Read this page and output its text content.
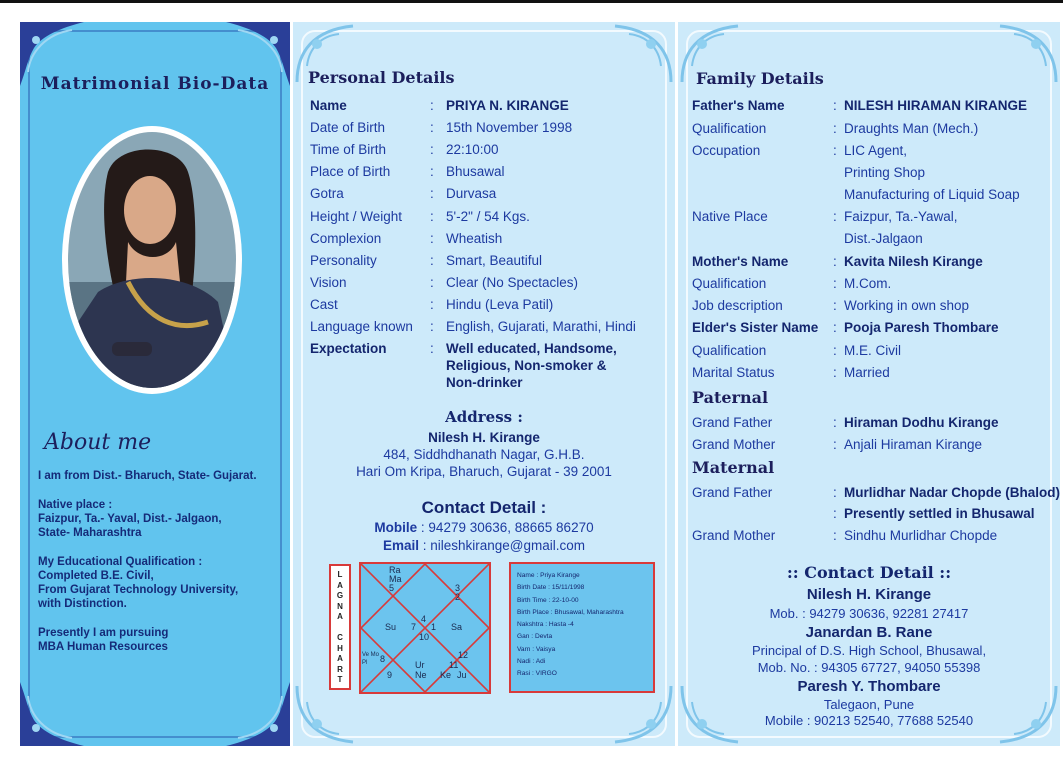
Matrimonial Bio-Data
About me
I am from Dist.- Bharuch, State- Gujarat.
Native place :
Faizpur, Ta.- Yaval, Dist.- Jalgaon,
State- Maharashtra
My Educational Qualification :
Completed B.E. Civil,
From Gujarat Technology University,
with Distinction.
Presently I am pursuing
MBA Human Resources
Personal Details
Name	: PRIYA N. KIRANGE
Date of Birth	: 15th November 1998
Time of Birth	: 22:10:00
Place of Birth	: Bhusawal
Gotra	: Durvasa
Height / Weight : 5'-2" / 54 Kgs.
Complexion	: Wheatish
Personality	: Smart, Beautiful
Vision	: Clear (No Spectacles)
Cast	: Hindu (Leva Patil)
Language known : English, Gujarati, Marathi, Hindi
Expectation	: Well educated, Handsome,
Religious, Non-smoker &
Non-drinker
Address :
Nilesh H. Kirange
484, Siddhdhanath Nagar, G.H.B.
Hari Om Kripa, Bharuch, Gujarat - 39 2001
Contact Detail :
Mobile : 94279 30636, 88665 86270
Email : nileshkirange@gmail.com
L
A
G
N
A
C
H
A
R
T
Ra
Ma
5	3
2
4
Su 7 1 Sa
10
Ve Mo
Pl	8
9
Ur
Ne
12
11
Ke Ju
Name : Priya Kirange
Birth Date : 15/11/1998
Birth Time : 22-10-00
Birth Place : Bhusawal, Maharashtra
Nakshtra : Hasta -4
Gan : Devta
Varn : Vaisya
Nadi : Adi
Rasi : VIRGO
Family Details
Father's Name	: NILESH HIRAMAN KIRANGE
Qualification	: Draughts Man (Mech.)
Occupation	: LIC Agent,
Printing Shop
Manufacturing of Liquid Soap
Native Place	: Faizpur, Ta.-Yawal,
Dist.-Jalgaon
Mother's Name	: Kavita Nilesh Kirange
Qualification	: M.Com.
Job description	: Working in own shop
Elder's Sister Name : Pooja Paresh Thombare
Qualification	: M.E. Civil
Marital Status	: Married
Paternal
Grand Father	: Hiraman Dodhu Kirange
Grand Mother	: Anjali Hiraman Kirange
Maternal
Grand Father	: Murlidhar Nadar Chopde (Bhalod)
: Presently settled in Bhusawal
Grand Mother	: Sindhu Murlidhar Chopde
:: Contact Detail ::
Nilesh H. Kirange
Mob. : 94279 30636, 92281 27417
Janardan B. Rane
Principal of D.S. High School, Bhusawal,
Mob. No. : 94305 67727, 94050 55398
Paresh Y. Thombare
Talegaon, Pune
Mobile : 90213 52540, 77688 52540
